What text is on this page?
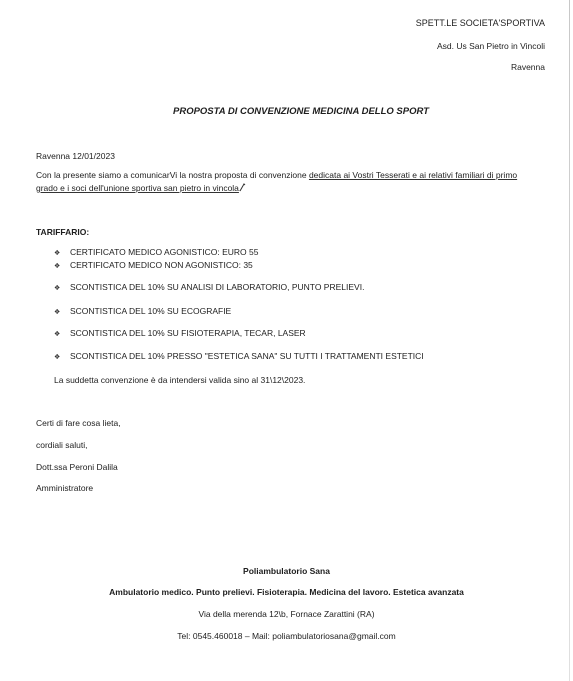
SPETT.LE SOCIETA'SPORTIVA
Asd. Us San Pietro in Vincoli
Ravenna
PROPOSTA DI CONVENZIONE MEDICINA DELLO SPORT
Ravenna 12/01/2023
Con la presente siamo a comunicarVi la nostra proposta di convenzione dedicata ai Vostri Tesserati e ai relativi familiari di primo
grado e i soci dell'unione sportiva san pietro in vincola.
TARIFFARIO:
❖ CERTIFICATO MEDICO AGONISTICO: EURO 55
❖ CERTIFICATO MEDICO NON AGONISTICO: 35
❖ SCONTISTICA DEL 10% SU ANALISI DI LABORATORIO, PUNTO PRELIEVI.
❖ SCONTISTICA DEL 10% SU ECOGRAFIE
❖ SCONTISTICA DEL 10% SU FISIOTERAPIA, TECAR, LASER
❖ SCONTISTICA DEL 10% PRESSO "ESTETICA SANA" SU TUTTI I TRATTAMENTI ESTETICI
La suddetta convenzione è da intendersi valida sino al 31\12\2023.
Certi di fare cosa lieta,
cordiali saluti,
Dott.ssa Peroni Dalila
Amministratore
Poliambulatorio Sana
Ambulatorio medico. Punto prelievi. Fisioterapia. Medicina del lavoro. Estetica avanzata
Via della merenda 12\b, Fornace Zarattini (RA)
Tel: 0545.460018 – Mail: poliambulatoriosana@gmail.com
